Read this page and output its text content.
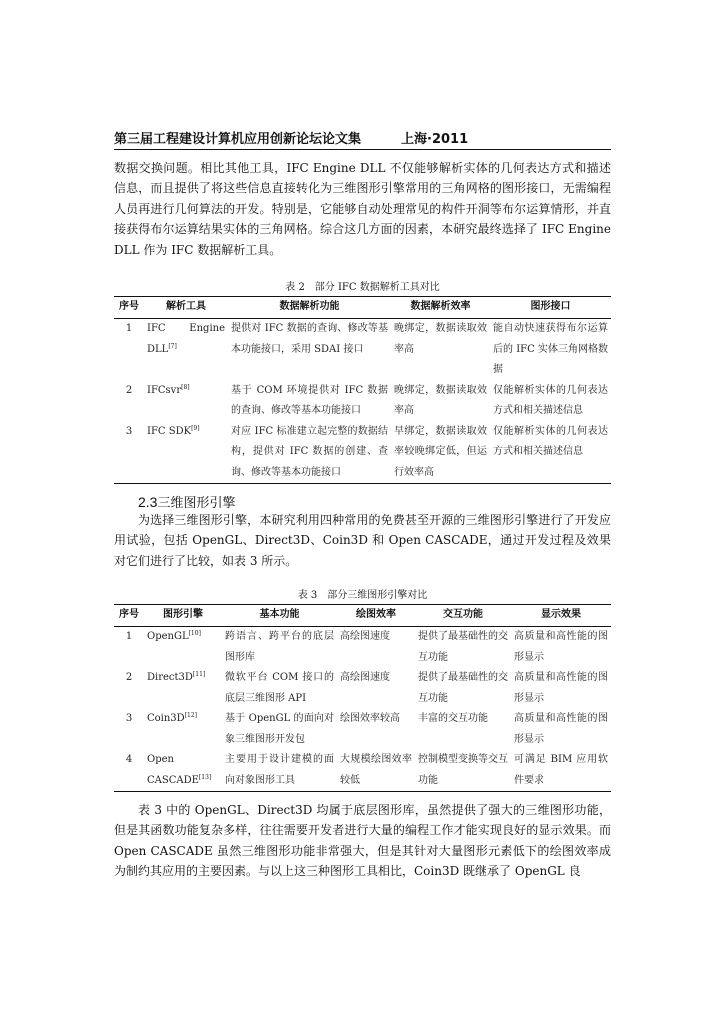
第三届工程建设计算机应用创新论坛论文集	上海·2011

数据交换问题。相比其他工具，IFC Engine DLL 不仅能够解析实体的几何表达方式和描述信息，而且提供了将这些信息直接转化为三维图形引擎常用的三角网格的图形接口，无需编程人员再进行几何算法的开发。特别是，它能够自动处理常见的构件开洞等布尔运算情形，并直接获得布尔运算结果实体的三角网格。综合这几方面的因素，本研究最终选择了 IFC Engine DLL 作为 IFC 数据解析工具。

表 2　部分 IFC 数据解析工具对比
序号	解析工具	数据解析功能	数据解析效率	图形接口
1	IFC Engine DLL[7]	提供对 IFC 数据的查询、修改等基本功能接口，采用 SDAI 接口	晚绑定，数据读取效率高	能自动快速获得布尔运算后的 IFC 实体三角网格数据
2	IFCsvr[8]	基于 COM 环境提供对 IFC 数据的查询、修改等基本功能接口	晚绑定，数据读取效率高	仅能解析实体的几何表达方式和相关描述信息
3	IFC SDK[9]	对应 IFC 标准建立起完整的数据结构，提供对 IFC 数据的创建、查询、修改等基本功能接口	早绑定，数据读取效率较晚绑定低，但运行效率高	仅能解析实体的几何表达方式和相关描述信息
2.3三维图形引擎

为选择三维图形引擎，本研究利用四种常用的免费甚至开源的三维图形引擎进行了开发应用试验，包括 OpenGL、Direct3D、Coin3D 和 Open CASCADE，通过开发过程及效果对它们进行了比较，如表 3 所示。

表 3　部分三维图形引擎对比
序号	图形引擎	基本功能	绘图效率	交互功能	显示效果
1	OpenGL[10]	跨语言、跨平台的底层图形库	高绘图速度	提供了最基础性的交互功能	高质量和高性能的图形显示
2	Direct3D[11]	微软平台 COM 接口的底层三维图形 API	高绘图速度	提供了最基础性的交互功能	高质量和高性能的图形显示
3	Coin3D[12]	基于 OpenGL 的面向对象三维图形开发包	绘图效率较高	丰富的交互功能	高质量和高性能的图形显示
4	Open CASCADE[13]	主要用于设计建模的面向对象图形工具	大规模绘图效率较低	控制模型变换等交互功能	可满足 BIM 应用软件要求

表 3 中的 OpenGL、Direct3D 均属于底层图形库，虽然提供了强大的三维图形功能，但是其函数功能复杂多样，往往需要开发者进行大量的编程工作才能实现良好的显示效果。而 Open CASCADE 虽然三维图形功能非常强大，但是其针对大量图形元素低下的绘图效率成为制约其应用的主要因素。与以上这三种图形工具相比，Coin3D 既继承了 OpenGL 良
